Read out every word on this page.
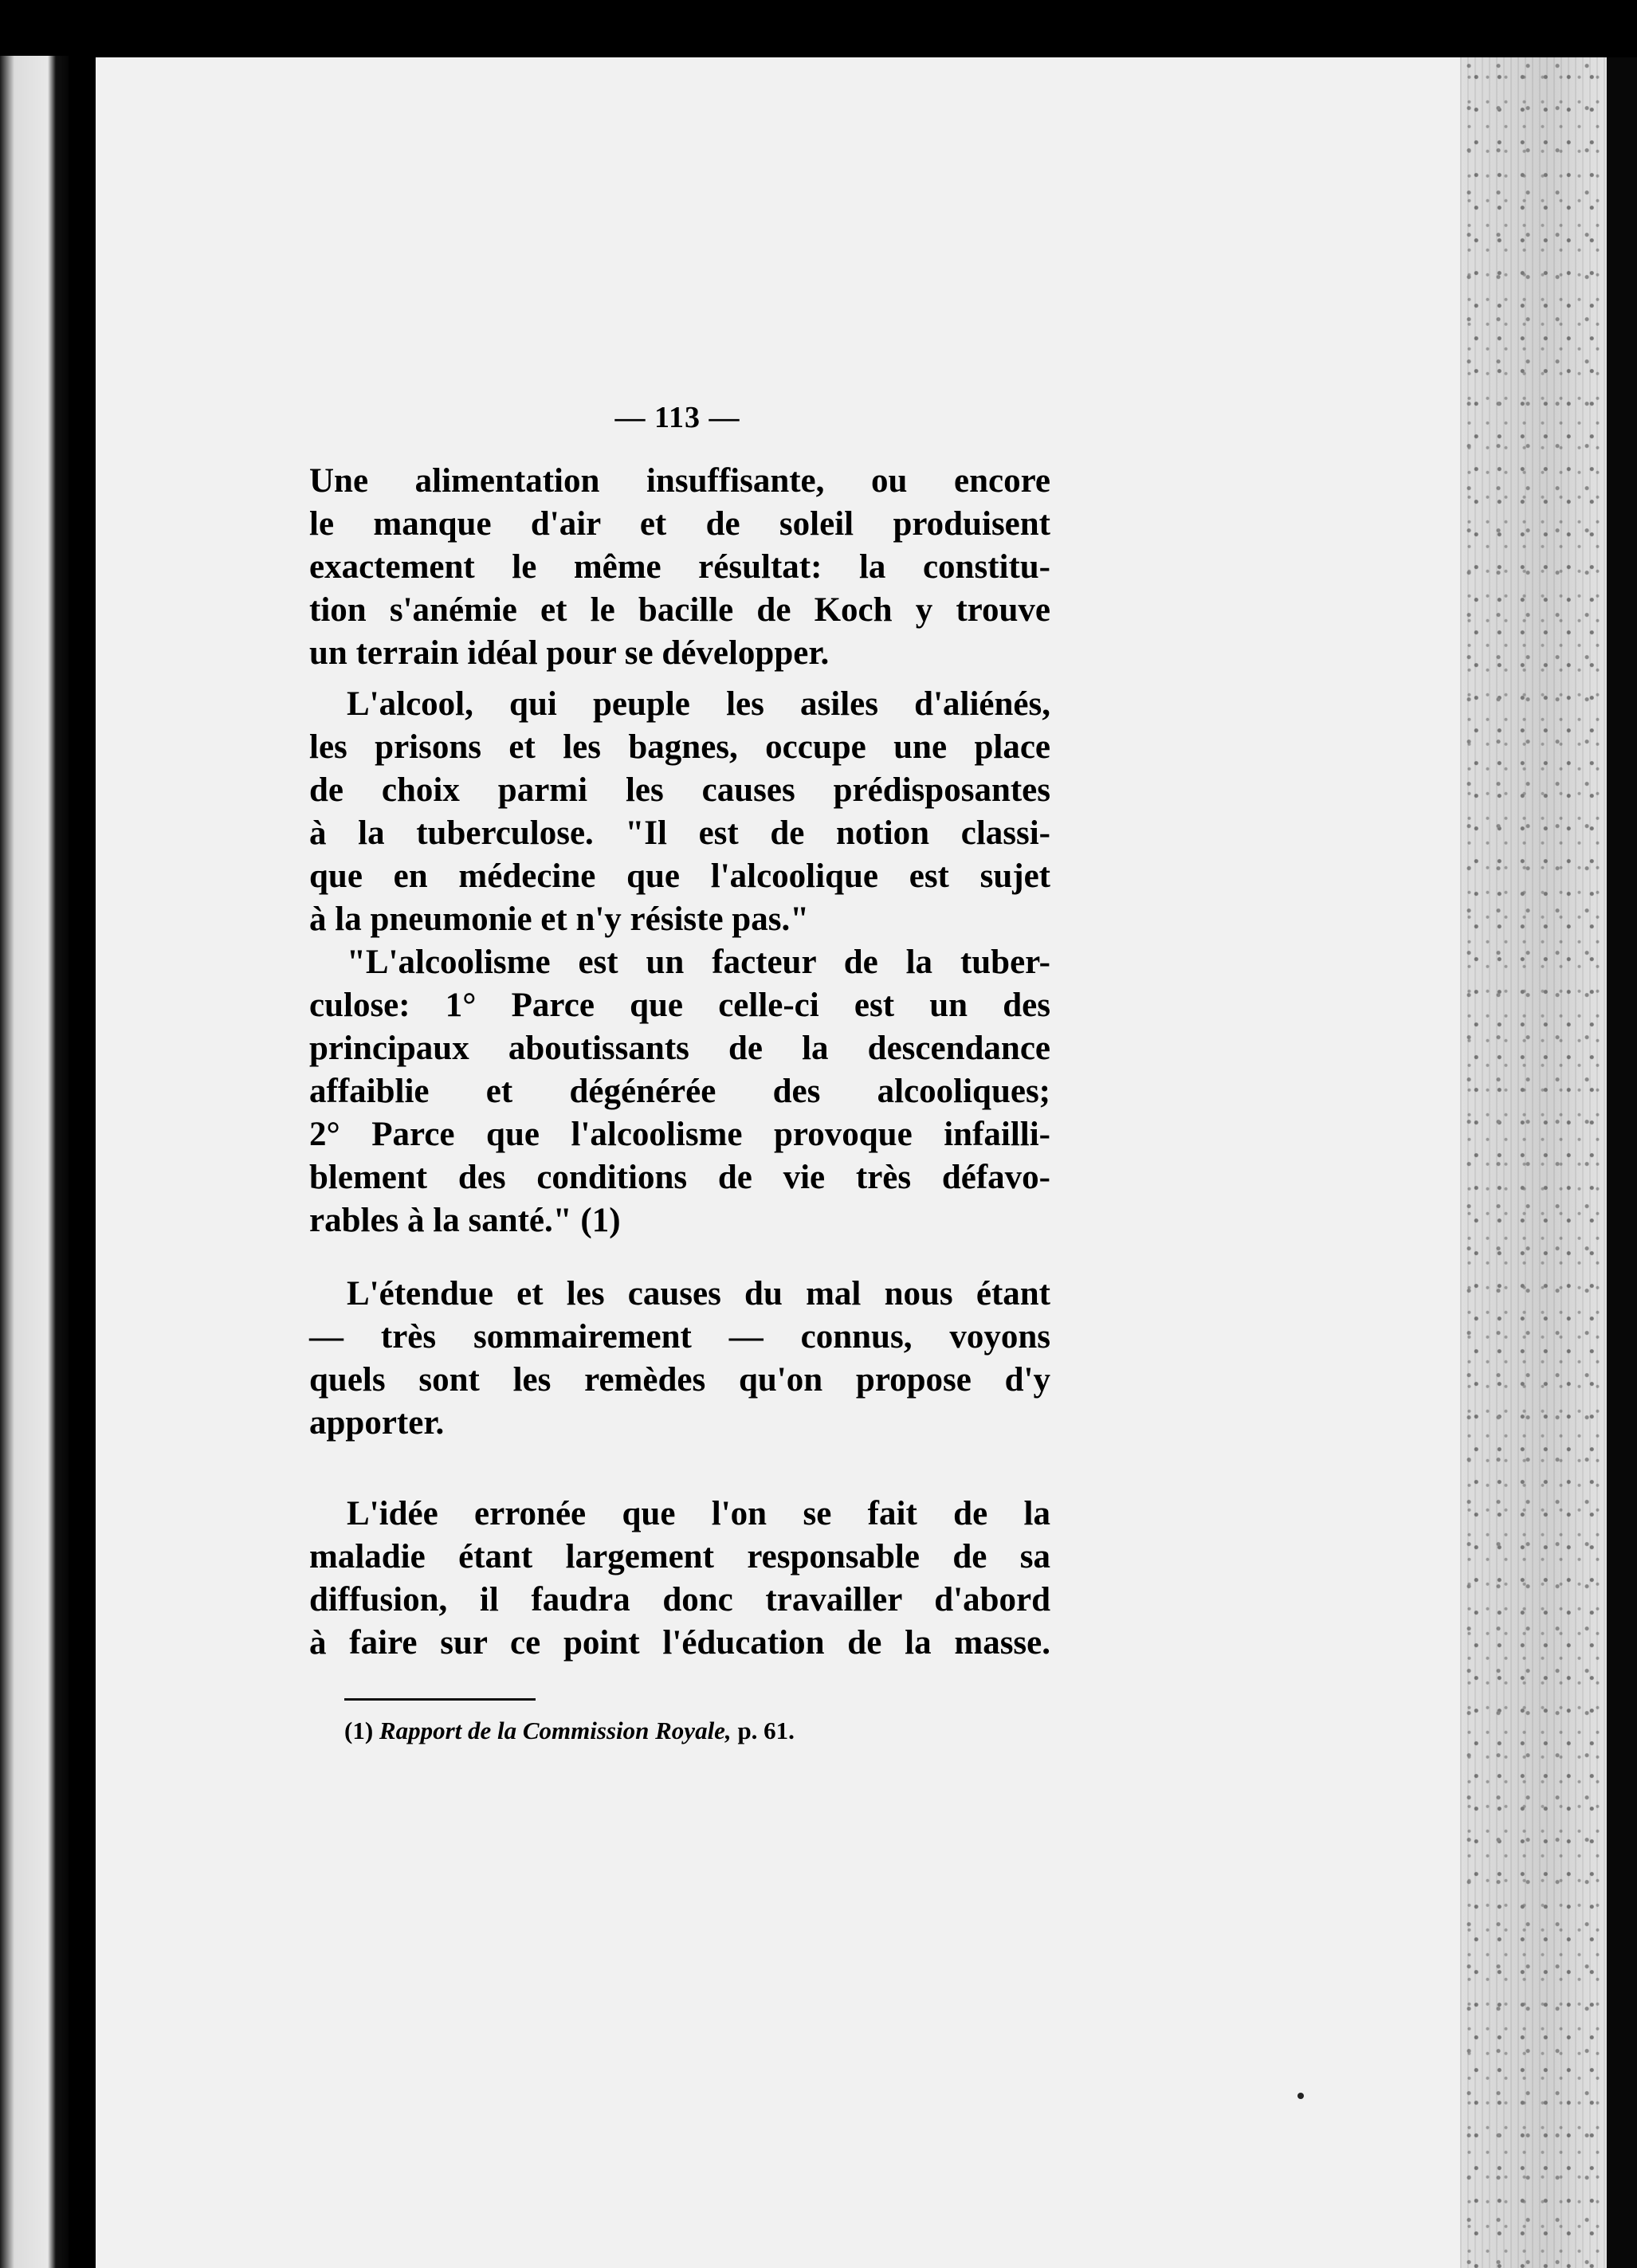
— 113 —

Une alimentation insuffisante, ou encore

le manque d'air et de soleil produisent

exactement le même résultat: la constitu-

tion s'anémie et le bacille de Koch y trouve

un terrain idéal pour se développer.

L'alcool, qui peuple les asiles d'aliénés,

les prisons et les bagnes, occupe une place

de choix parmi les causes prédisposantes

à la tuberculose. "Il est de notion classi-

que en médecine que l'alcoolique est sujet

à la pneumonie et n'y résiste pas."

"L'alcoolisme est un facteur de la tuber-

culose: 1° Parce que celle-ci est un des

principaux aboutissants de la descendance

affaiblie et dégénérée des alcooliques;

2° Parce que l'alcoolisme provoque infailli-

blement des conditions de vie très défavo-

rables à la santé." (1)

L'étendue et les causes du mal nous étant

— très sommairement — connus, voyons

quels sont les remèdes qu'on propose d'y

apporter.

L'idée erronée que l'on se fait de la

maladie étant largement responsable de sa

diffusion, il faudra donc travailler d'abord

à faire sur ce point l'éducation de la masse.

(1) Rapport de la Commission Royale, p. 61.
